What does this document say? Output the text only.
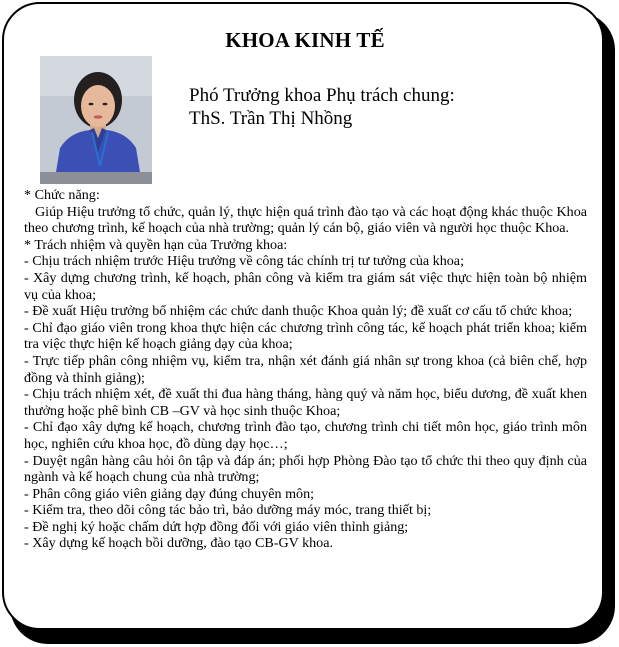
KHOA KINH TẾ
Phó Trưởng khoa Phụ trách chung:
ThS. Trần Thị Nhồng

* Chức năng:

Giúp Hiệu trưởng tổ chức, quản lý, thực hiện quá trình đào tạo và các hoạt động khác thuộc Khoa theo chương trình, kế hoạch của nhà trường; quản lý cán bộ, giáo viên và người học thuộc Khoa.

* Trách nhiệm và quyền hạn của Trưởng khoa:

- Chịu trách nhiệm trước Hiệu trưởng về công tác chính trị tư tưởng của khoa;

- Xây dựng chương trình, kế hoạch, phân công và kiểm tra giám sát việc thực hiện toàn bộ nhiệm vụ của khoa;

- Đề xuất Hiệu trưởng bổ nhiệm các chức danh thuộc Khoa quản lý; đề xuất cơ cấu tổ chức khoa;

- Chỉ đạo giáo viên trong khoa thực hiện các chương trình công tác, kế hoạch phát triển khoa; kiểm tra việc thực hiện kế hoạch giảng dạy của khoa;

- Trực tiếp phân công nhiệm vụ, kiểm tra, nhận xét đánh giá nhân sự trong khoa (cả biên chế, hợp đồng và thỉnh giảng);

- Chịu trách nhiệm xét, đề xuất thi đua hàng tháng, hàng quý và năm học, biểu dương, đề xuất khen thưởng hoặc phê bình CB –GV và học sinh thuộc Khoa;

- Chỉ đạo xây dựng kế hoạch, chương trình đào tạo, chương trình chi tiết môn học, giáo trình môn học, nghiên cứu khoa học, đồ dùng dạy học…;

- Duyệt ngân hàng câu hỏi ôn tập và đáp án; phối hợp Phòng Đào tạo tổ chức thi theo quy định của ngành và kế hoạch chung của nhà trường;

- Phân công giáo viên giảng dạy đúng chuyên môn;

- Kiểm tra, theo dõi công tác bảo trì, bảo dưỡng máy móc, trang thiết bị;

- Đề nghị ký hoặc chấm dứt hợp đồng đối với giáo viên thỉnh giảng;

- Xây dựng kế hoạch bồi dưỡng, đào tạo CB-GV khoa.
